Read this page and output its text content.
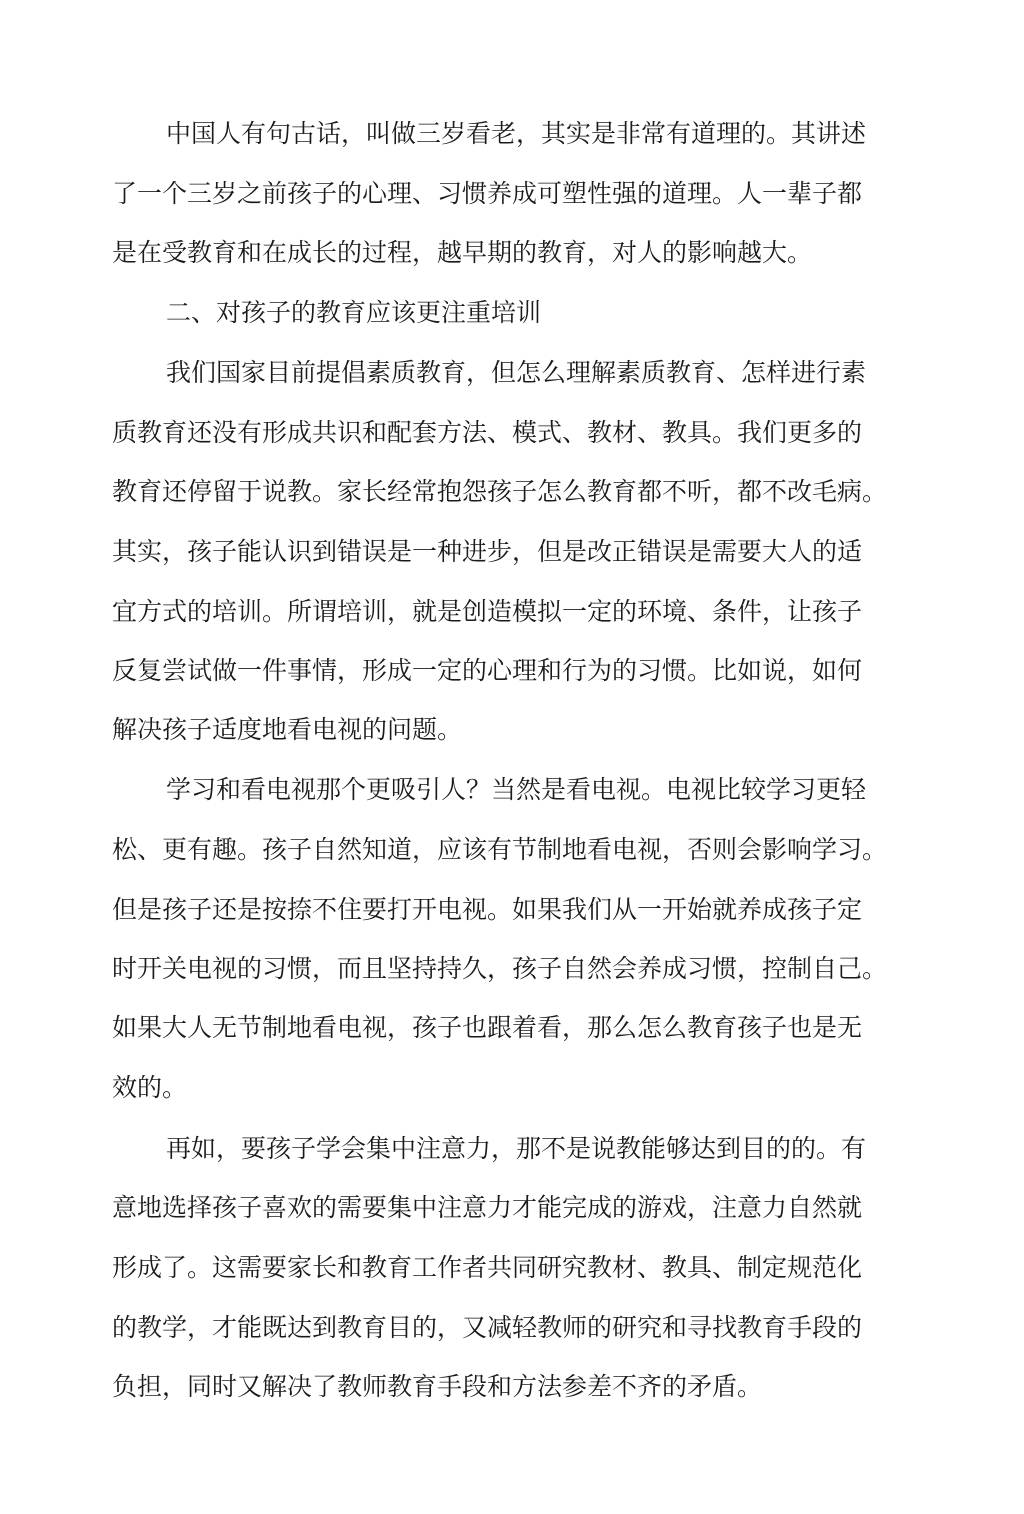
中国人有句古话，叫做三岁看老，其实是非常有道理的。其讲述
了一个三岁之前孩子的心理、习惯养成可塑性强的道理。人一辈子都
是在受教育和在成长的过程，越早期的教育，对人的影响越大。
二、对孩子的教育应该更注重培训
我们国家目前提倡素质教育，但怎么理解素质教育、怎样进行素
质教育还没有形成共识和配套方法、模式、教材、教具。我们更多的
教育还停留于说教。家长经常抱怨孩子怎么教育都不听，都不改毛病。
其实，孩子能认识到错误是一种进步，但是改正错误是需要大人的适
宜方式的培训。所谓培训，就是创造模拟一定的环境、条件，让孩子
反复尝试做一件事情，形成一定的心理和行为的习惯。比如说，如何
解决孩子适度地看电视的问题。
学习和看电视那个更吸引人？当然是看电视。电视比较学习更轻
松、更有趣。孩子自然知道，应该有节制地看电视，否则会影响学习。
但是孩子还是按捺不住要打开电视。如果我们从一开始就养成孩子定
时开关电视的习惯，而且坚持持久，孩子自然会养成习惯，控制自己。
如果大人无节制地看电视，孩子也跟着看，那么怎么教育孩子也是无
效的。
再如，要孩子学会集中注意力，那不是说教能够达到目的的。有
意地选择孩子喜欢的需要集中注意力才能完成的游戏，注意力自然就
形成了。这需要家长和教育工作者共同研究教材、教具、制定规范化
的教学，才能既达到教育目的，又减轻教师的研究和寻找教育手段的
负担，同时又解决了教师教育手段和方法参差不齐的矛盾。
